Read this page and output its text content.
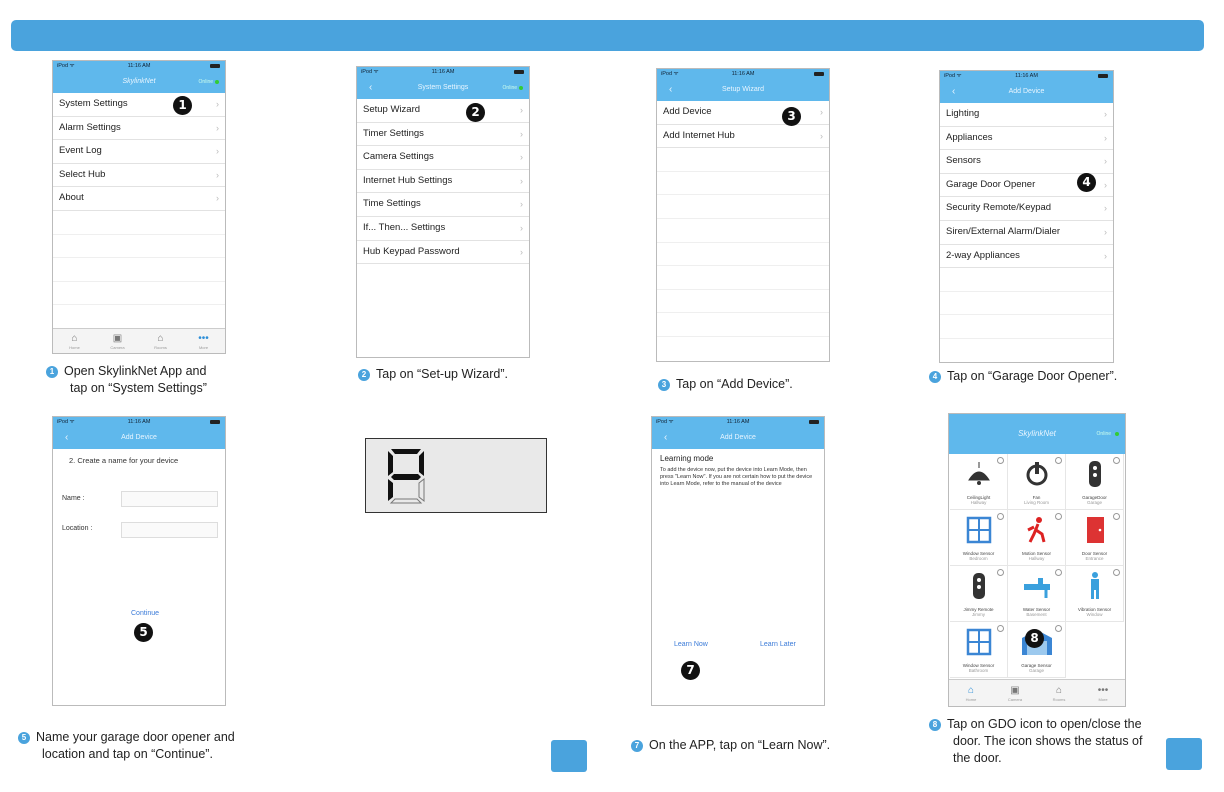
iPod ᯤ	11:16 AM
SkylinkNet	Online
System Settings	›
Alarm Settings	›
Event Log	›
Select Hub	›
About	›
⌂
Home
▣
Camera
⌂
Rooms
•••
More
1
iPod ᯤ	11:16 AM
‹	System Settings	Online
Setup Wizard	›
Timer Settings	›
Camera Settings	›
Internet Hub Settings	›
Time Settings	›
If... Then... Settings	›
Hub Keypad Password	›
2
iPod ᯤ	11:16 AM
‹	Setup Wizard
Add Device	›
Add Internet Hub	›
3
iPod ᯤ	11:16 AM
‹	Add Device
Lighting	›
Appliances	›
Sensors	›
Garage Door Opener	›
Security Remote/Keypad	›
Siren/External Alarm/Dialer	›
2-way Appliances	›
4
iPod ᯤ	11:16 AM
‹	Add Device
2. Create a name for your device
Name :
Location :
Continue
5
iPod ᯤ	11:16 AM
‹	Add Device
Learning mode
To add the device now, put the device into Learn Mode, then press "Learn Now". If you are not certain how to put the device into Learn Mode, refer to the manual of the device
Learn Now	Learn Later
7
SkylinkNet	Online
CeilingLight
Hallway
Fan
Living Room
GarageDoor
Garage
Window Sensor
Bedroom
Motion Sensor
Hallway
Door Sensor
Entrance
Jimmy Remote
Jimmy
Water Sensor
Basement
Vibration Sensor
Window
Window Sensor
Bathroom
Garage Sensor
Garage
⌂
Home
▣
Camera
⌂
Rooms
•••
More
8
1 Open SkylinkNet App and
tap on “System Settings”
2 Tap on “Set-up Wizard”.
3 Tap on “Add Device”.
4 Tap on “Garage Door Opener”.
5 Name your garage door opener and
location and tap on “Continue”.
7 On the APP, tap on “Learn Now”.
8 Tap on GDO icon to open/close the
door. The icon shows the status of
the door.
